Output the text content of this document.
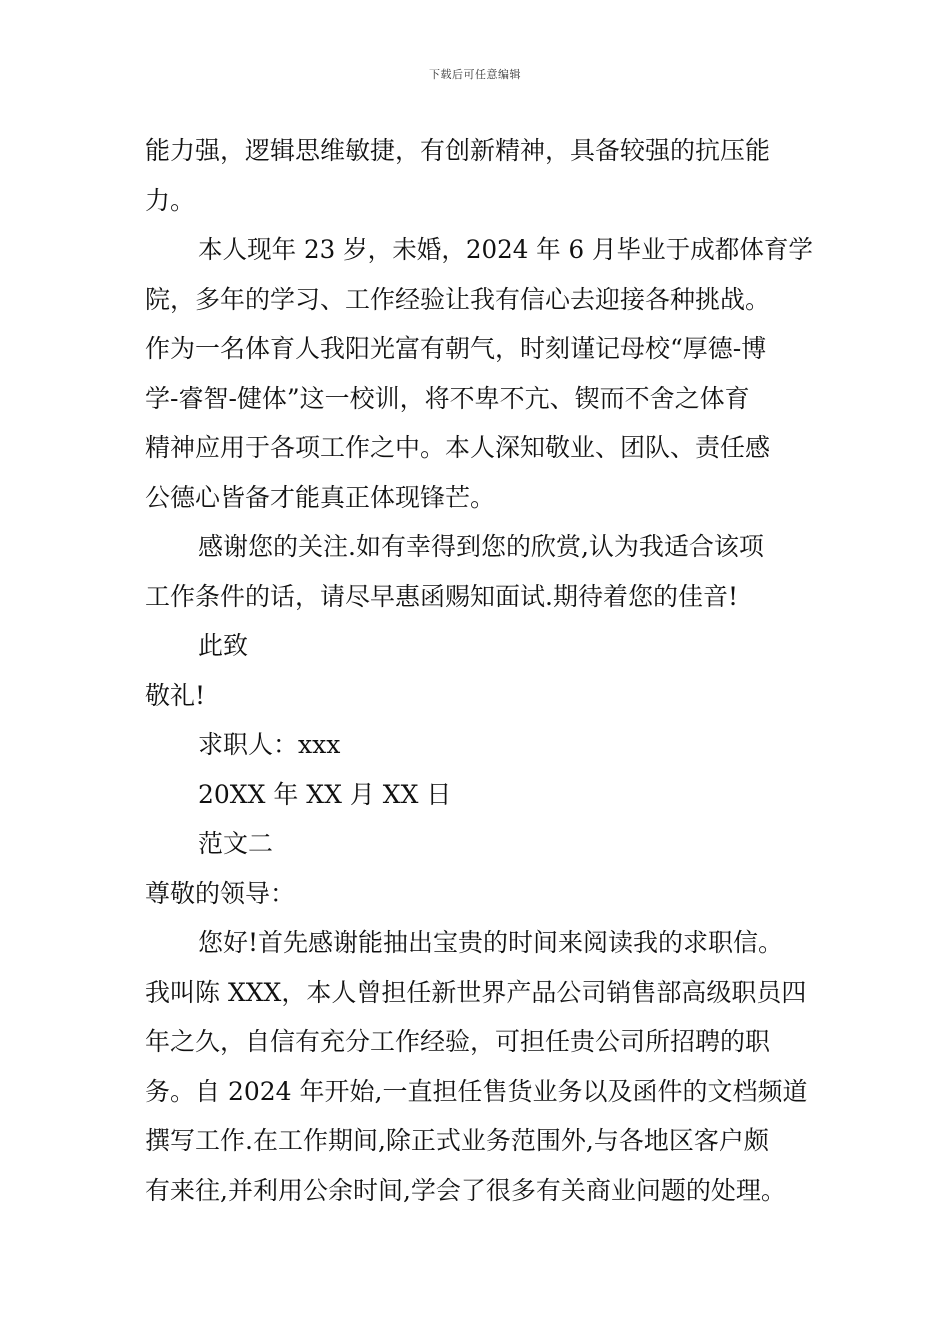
下载后可任意编辑
能力强，逻辑思维敏捷，有创新精神，具备较强的抗压能
力。
本人现年 23 岁，未婚，2024 年 6 月毕业于成都体育学
院，多年的学习、工作经验让我有信心去迎接各种挑战。
作为一名体育人我阳光富有朝气，时刻谨记母校“厚德-博
学-睿智-健体”这一校训，将不卑不亢、锲而不舍之体育
精神应用于各项工作之中。本人深知敬业、团队、责任感
公德心皆备才能真正体现锋芒。
感谢您的关注.如有幸得到您的欣赏,认为我适合该项
工作条件的话，请尽早惠函赐知面试.期待着您的佳音!
此致
敬礼!
求职人：xxx
20XX 年 XX 月 XX 日
范文二
尊敬的领导：
您好!首先感谢能抽出宝贵的时间来阅读我的求职信。
我叫陈 XXX，本人曾担任新世界产品公司销售部高级职员四
年之久，自信有充分工作经验，可担任贵公司所招聘的职
务。自 2024 年开始,一直担任售货业务以及函件的文档频道
撰写工作.在工作期间,除正式业务范围外,与各地区客户颇
有来往,并利用公余时间,学会了很多有关商业问题的处理。
